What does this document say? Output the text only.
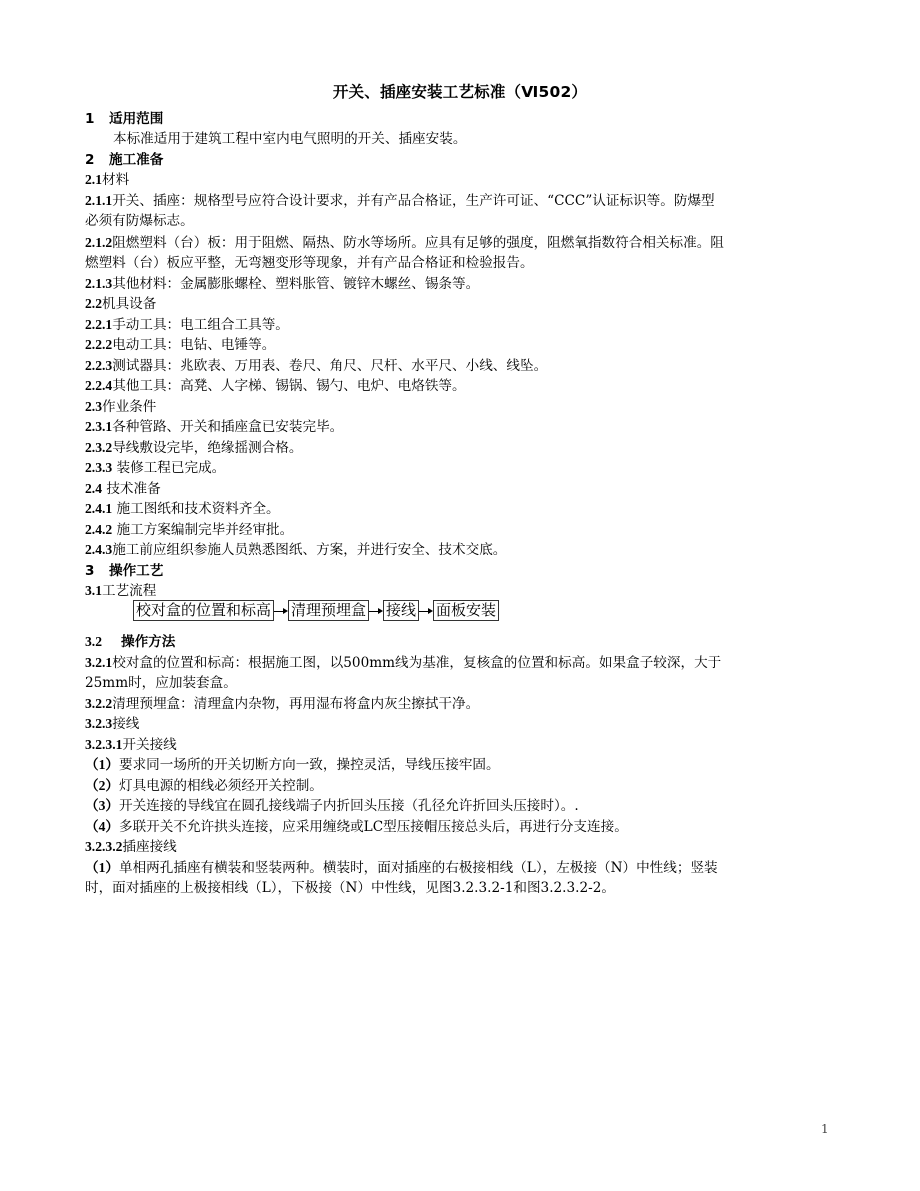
开关、插座安装工艺标准（Ⅵ502）
1 适用范围
本标准适用于建筑工程中室内电气照明的开关、插座安装。
2 施工准备
2.1材料
2.1.1开关、插座：规格型号应符合设计要求，并有产品合格证，生产许可证、“CCC”认证标识等。防爆型
必须有防爆标志。
2.1.2阻燃塑料（台）板：用于阻燃、隔热、防水等场所。应具有足够的强度，阻燃氧指数符合相关标准。阻
燃塑料（台）板应平整，无弯翘变形等现象，并有产品合格证和检验报告。
2.1.3其他材料：金属膨胀螺栓、塑料胀管、镀锌木螺丝、锡条等。
2.2机具设备
2.2.1手动工具：电工组合工具等。
2.2.2电动工具：电钻、电锤等。
2.2.3测试器具：兆欧表、万用表、卷尺、角尺、尺杆、水平尺、小线、线坠。
2.2.4其他工具：高凳、人字梯、锡锅、锡勺、电炉、电烙铁等。
2.3作业条件
2.3.1各种管路、开关和插座盒已安装完毕。
2.3.2导线敷设完毕，绝缘摇测合格。
2.3.3 装修工程已完成。
2.4 技术准备
2.4.1 施工图纸和技术资料齐全。
2.4.2 施工方案编制完毕并经审批。
2.4.3施工前应组织参施人员熟悉图纸、方案，并进行安全、技术交底。
3 操作工艺
3.1工艺流程
校对盒的位置和标高 清理预埋盒 接线 面板安装
3.2 操作方法
3.2.1校对盒的位置和标高：根据施工图，以500mm线为基准，复核盒的位置和标高。如果盒子较深，大于
25mm时，应加装套盒。
3.2.2清理预埋盒：清理盒内杂物，再用湿布将盒内灰尘擦拭干净。
3.2.3接线
3.2.3.1开关接线
（1）要求同一场所的开关切断方向一致，操控灵活，导线压接牢固。
（2）灯具电源的相线必须经开关控制。
（3）开关连接的导线宜在圆孔接线端子内折回头压接（孔径允许折回头压接时）。.
（4）多联开关不允许拱头连接，应采用缠绕或LC型压接帽压接总头后，再进行分支连接。
3.2.3.2插座接线
（1）单相两孔插座有横装和竖装两种。横装时，面对插座的右极接相线（L），左极接（N）中性线；竖装
时，面对插座的上极接相线（L），下极接（N）中性线，见图3.2.3.2-1和图3.2.3.2-2。
1
